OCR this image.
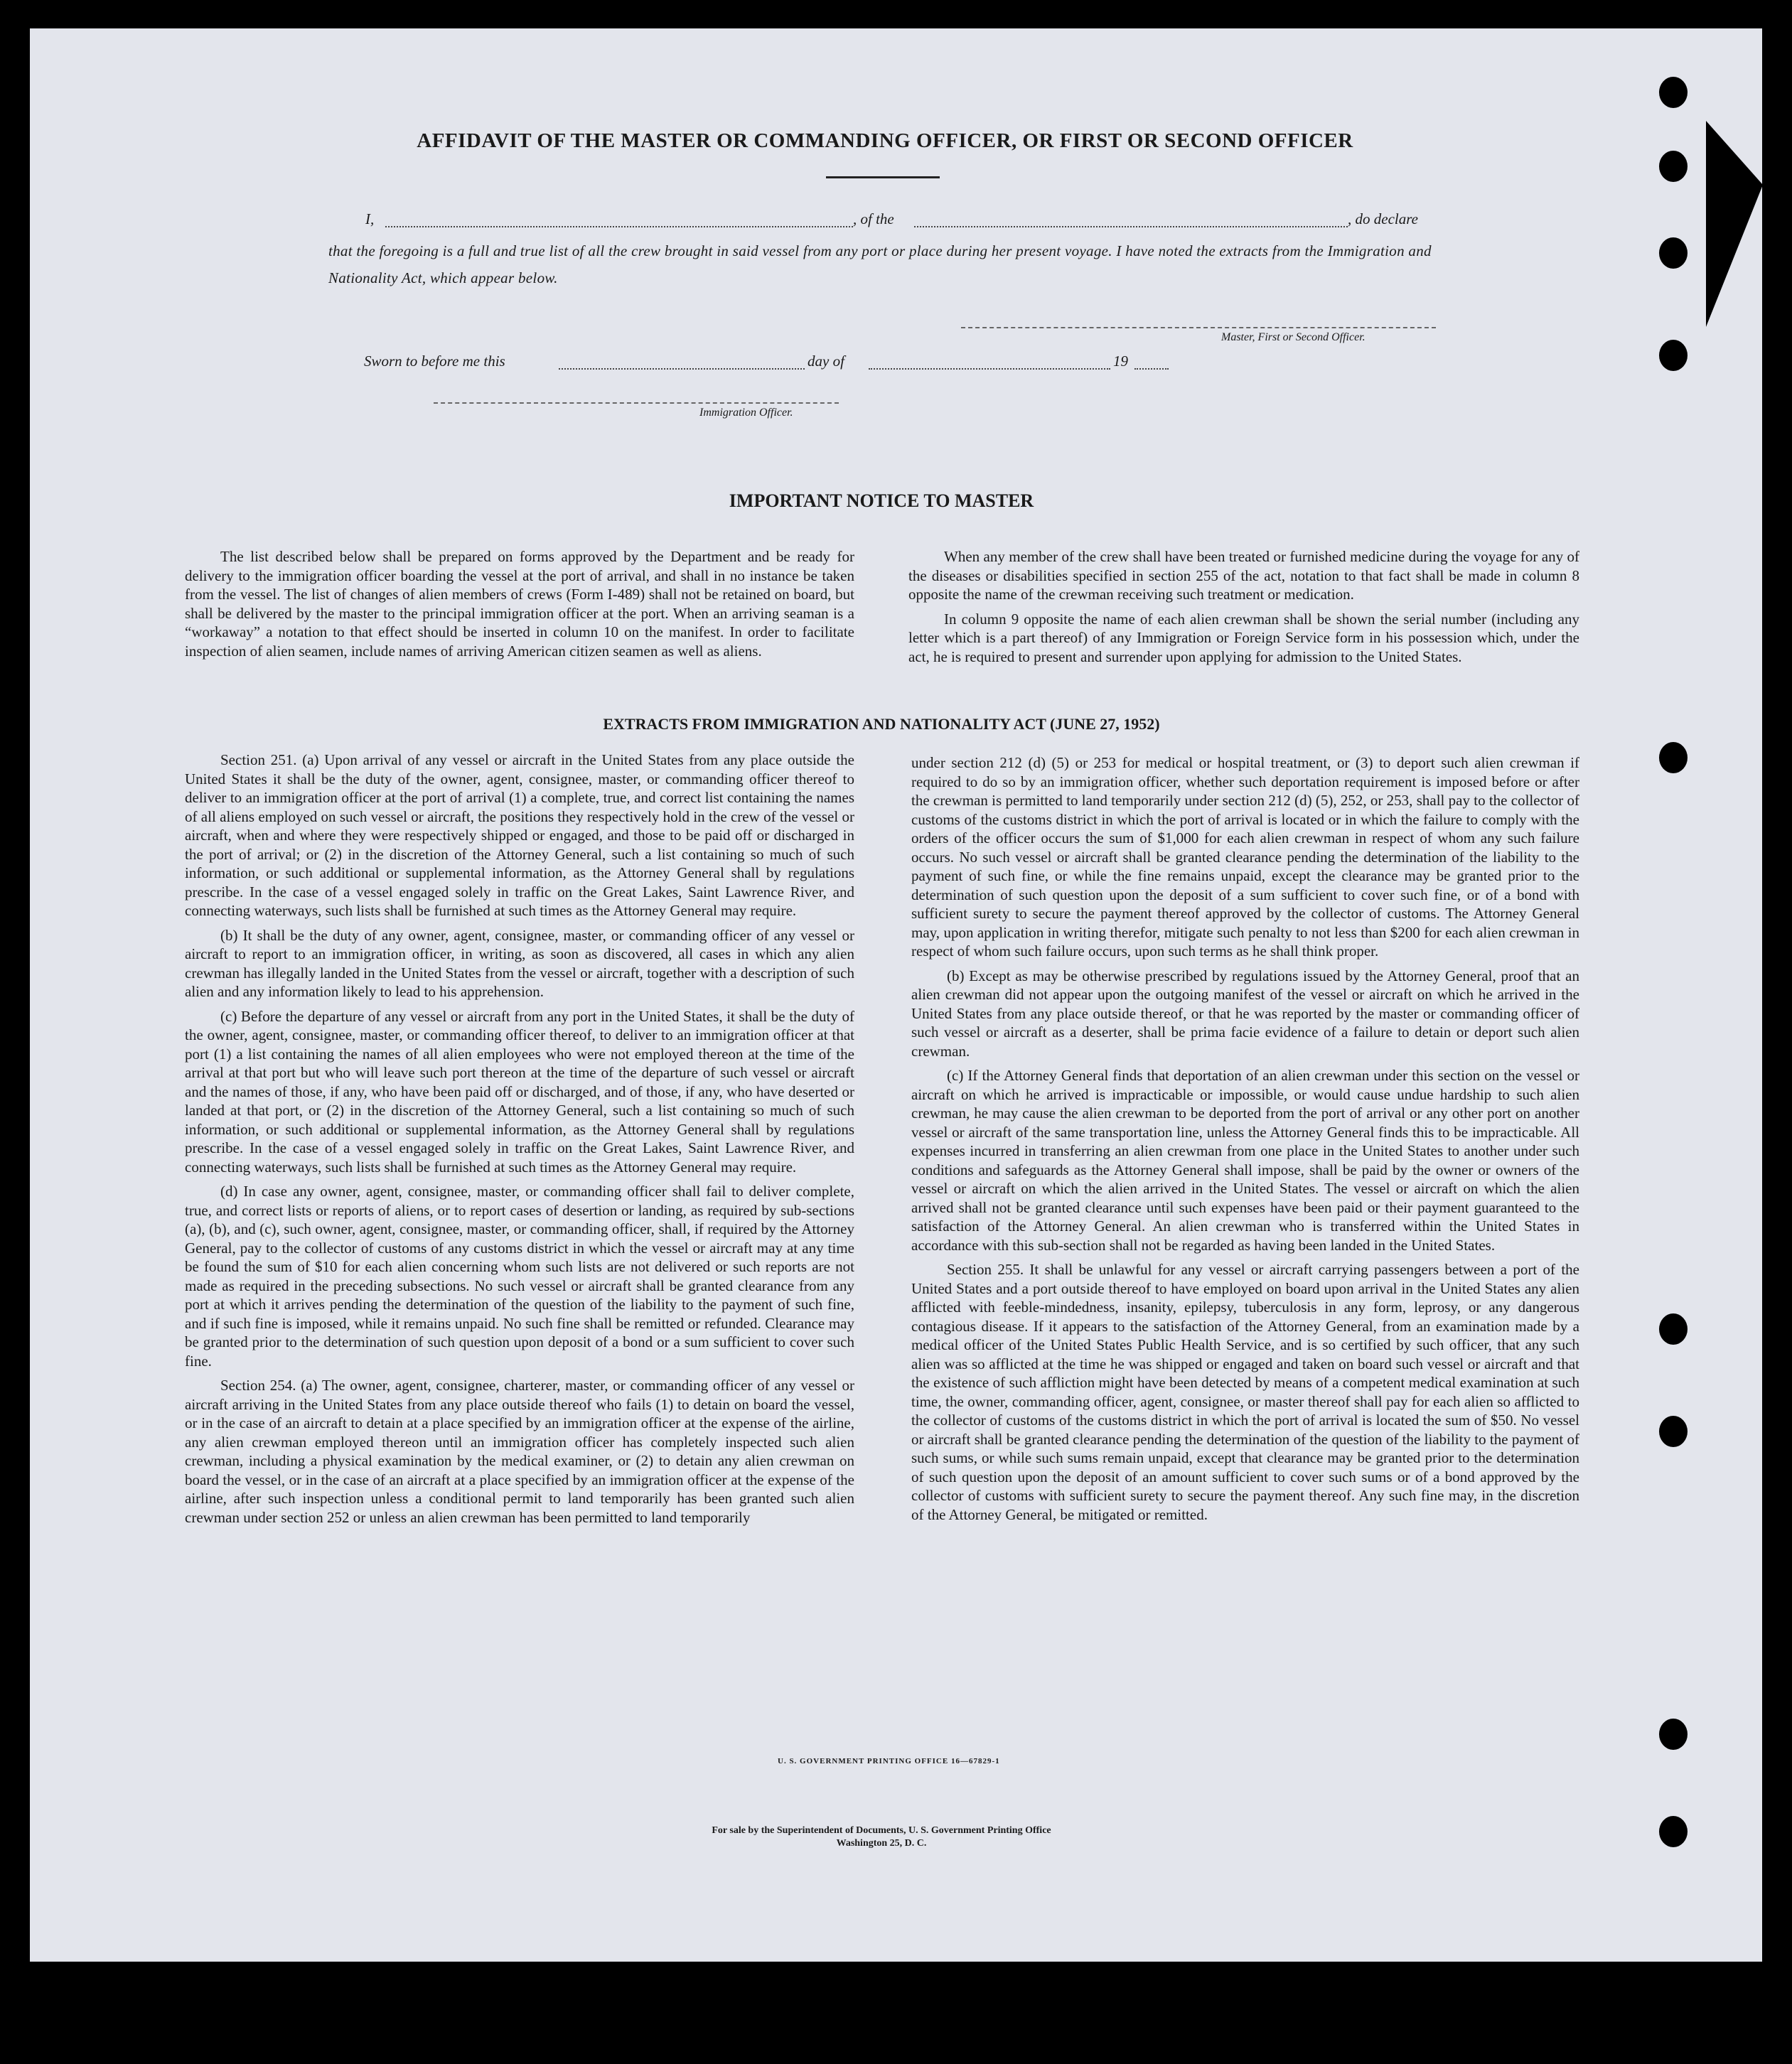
AFFIDAVIT OF THE MASTER OR COMMANDING OFFICER, OR FIRST OR SECOND OFFICER
I,	, of the	, do declare
that the foregoing is a full and true list of all the crew brought in said vessel from any port or place during her present voyage. I have noted the extracts from the Immigration and Nationality Act, which appear below.
Master, First or Second Officer.
Sworn to before me this	day of	19
Immigration Officer.
IMPORTANT NOTICE TO MASTER

The list described below shall be prepared on forms approved by the Department and be ready for delivery to the immigration officer boarding the vessel at the port of arrival, and shall in no instance be taken from the vessel. The list of changes of alien members of crews (Form I-489) shall not be retained on board, but shall be delivered by the master to the principal immigration officer at the port. When an arriving seaman is a “workaway” a notation to that effect should be inserted in column 10 on the manifest. In order to facilitate inspection of alien seamen, include names of arriving American citizen seamen as well as aliens.

When any member of the crew shall have been treated or furnished medicine during the voyage for any of the diseases or disabilities specified in section 255 of the act, notation to that fact shall be made in column 8 opposite the name of the crewman receiving such treatment or medication.

In column 9 opposite the name of each alien crewman shall be shown the serial number (including any letter which is a part thereof) of any Immigration or Foreign Service form in his possession which, under the act, he is required to present and surrender upon applying for admission to the United States.

EXTRACTS FROM IMMIGRATION AND NATIONALITY ACT (JUNE 27, 1952)

Section 251. (a) Upon arrival of any vessel or aircraft in the United States from any place outside the United States it shall be the duty of the owner, agent, consignee, master, or commanding officer thereof to deliver to an immigration officer at the port of arrival (1) a complete, true, and correct list containing the names of all aliens employed on such vessel or aircraft, the positions they respectively hold in the crew of the vessel or aircraft, when and where they were respectively shipped or engaged, and those to be paid off or discharged in the port of arrival; or (2) in the discretion of the Attorney General, such a list containing so much of such information, or such additional or supplemental information, as the Attorney General shall by regulations prescribe. In the case of a vessel engaged solely in traffic on the Great Lakes, Saint Lawrence River, and connecting waterways, such lists shall be furnished at such times as the Attorney General may require.

(b) It shall be the duty of any owner, agent, consignee, master, or commanding officer of any vessel or aircraft to report to an immigration officer, in writing, as soon as discovered, all cases in which any alien crewman has illegally landed in the United States from the vessel or aircraft, together with a description of such alien and any information likely to lead to his apprehension.

(c) Before the departure of any vessel or aircraft from any port in the United States, it shall be the duty of the owner, agent, consignee, master, or commanding officer thereof, to deliver to an immigration officer at that port (1) a list containing the names of all alien employees who were not employed thereon at the time of the arrival at that port but who will leave such port thereon at the time of the departure of such vessel or aircraft and the names of those, if any, who have been paid off or discharged, and of those, if any, who have deserted or landed at that port, or (2) in the discretion of the Attorney General, such a list containing so much of such information, or such additional or supplemental information, as the Attorney General shall by regulations prescribe. In the case of a vessel engaged solely in traffic on the Great Lakes, Saint Lawrence River, and connecting waterways, such lists shall be furnished at such times as the Attorney General may require.

(d) In case any owner, agent, consignee, master, or commanding officer shall fail to deliver complete, true, and correct lists or reports of aliens, or to report cases of desertion or landing, as required by sub-sections (a), (b), and (c), such owner, agent, consignee, master, or commanding officer, shall, if required by the Attorney General, pay to the collector of customs of any customs district in which the vessel or aircraft may at any time be found the sum of $10 for each alien concerning whom such lists are not delivered or such reports are not made as required in the preceding subsections. No such vessel or aircraft shall be granted clearance from any port at which it arrives pending the determination of the question of the liability to the payment of such fine, and if such fine is imposed, while it remains unpaid. No such fine shall be remitted or refunded. Clearance may be granted prior to the determination of such question upon deposit of a bond or a sum sufficient to cover such fine.

Section 254. (a) The owner, agent, consignee, charterer, master, or commanding officer of any vessel or aircraft arriving in the United States from any place outside thereof who fails (1) to detain on board the vessel, or in the case of an aircraft to detain at a place specified by an immigration officer at the expense of the airline, any alien crewman employed thereon until an immigration officer has completely inspected such alien crewman, including a physical examination by the medical examiner, or (2) to detain any alien crewman on board the vessel, or in the case of an aircraft at a place specified by an immigration officer at the expense of the airline, after such inspection unless a conditional permit to land temporarily has been granted such alien crewman under section 252 or unless an alien crewman has been permitted to land temporarily

under section 212 (d) (5) or 253 for medical or hospital treatment, or (3) to deport such alien crewman if required to do so by an immigration officer, whether such deportation requirement is imposed before or after the crewman is permitted to land temporarily under section 212 (d) (5), 252, or 253, shall pay to the collector of customs of the customs district in which the port of arrival is located or in which the failure to comply with the orders of the officer occurs the sum of $1,000 for each alien crewman in respect of whom any such failure occurs. No such vessel or aircraft shall be granted clearance pending the determination of the liability to the payment of such fine, or while the fine remains unpaid, except the clearance may be granted prior to the determination of such question upon the deposit of a sum sufficient to cover such fine, or of a bond with sufficient surety to secure the payment thereof approved by the collector of customs. The Attorney General may, upon application in writing therefor, mitigate such penalty to not less than $200 for each alien crewman in respect of whom such failure occurs, upon such terms as he shall think proper.

(b) Except as may be otherwise prescribed by regulations issued by the Attorney General, proof that an alien crewman did not appear upon the outgoing manifest of the vessel or aircraft on which he arrived in the United States from any place outside thereof, or that he was reported by the master or commanding officer of such vessel or aircraft as a deserter, shall be prima facie evidence of a failure to detain or deport such alien crewman.

(c) If the Attorney General finds that deportation of an alien crewman under this section on the vessel or aircraft on which he arrived is impracticable or impossible, or would cause undue hardship to such alien crewman, he may cause the alien crewman to be deported from the port of arrival or any other port on another vessel or aircraft of the same transportation line, unless the Attorney General finds this to be impracticable. All expenses incurred in transferring an alien crewman from one place in the United States to another under such conditions and safeguards as the Attorney General shall impose, shall be paid by the owner or owners of the vessel or aircraft on which the alien arrived in the United States. The vessel or aircraft on which the alien arrived shall not be granted clearance until such expenses have been paid or their payment guaranteed to the satisfaction of the Attorney General. An alien crewman who is transferred within the United States in accordance with this sub-section shall not be regarded as having been landed in the United States.

Section 255. It shall be unlawful for any vessel or aircraft carrying passengers between a port of the United States and a port outside thereof to have employed on board upon arrival in the United States any alien afflicted with feeble-mindedness, insanity, epilepsy, tuberculosis in any form, leprosy, or any dangerous contagious disease. If it appears to the satisfaction of the Attorney General, from an examination made by a medical officer of the United States Public Health Service, and is so certified by such officer, that any such alien was so afflicted at the time he was shipped or engaged and taken on board such vessel or aircraft and that the existence of such affliction might have been detected by means of a competent medical examination at such time, the owner, commanding officer, agent, consignee, or master thereof shall pay for each alien so afflicted to the collector of customs of the customs district in which the port of arrival is located the sum of $50. No vessel or aircraft shall be granted clearance pending the determination of the question of the liability to the payment of such sums, or while such sums remain unpaid, except that clearance may be granted prior to the determination of such question upon the deposit of an amount sufficient to cover such sums or of a bond approved by the collector of customs with sufficient surety to secure the payment thereof. Any such fine may, in the discretion of the Attorney General, be mitigated or remitted.

U. S. GOVERNMENT PRINTING OFFICE 16—67829-1
For sale by the Superintendent of Documents, U. S. Government Printing Office
Washington 25, D. C.
